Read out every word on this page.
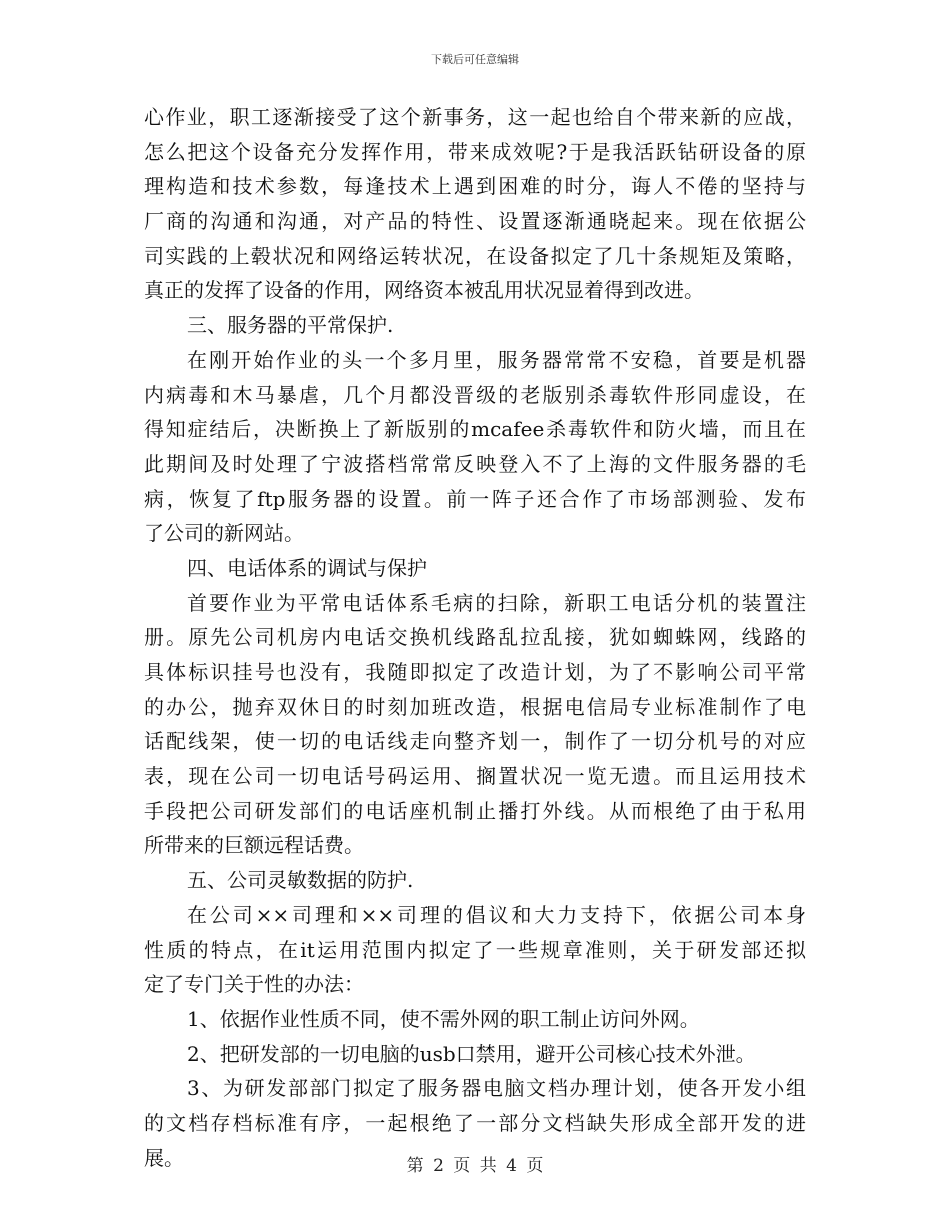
下载后可任意编辑
心作业，职工逐渐接受了这个新事务，这一起也给自个带来新的应战，
怎么把这个设备充分发挥作用，带来成效呢?于是我活跃钻研设备的原
理构造和技术参数，每逢技术上遇到困难的时分，诲人不倦的坚持与
厂商的沟通和沟通，对产品的特性、设置逐渐通晓起来。现在依据公
司实践的上毂状况和网络运转状况，在设备拟定了几十条规矩及策略，
真正的发挥了设备的作用，网络资本被乱用状况显着得到改进。
三、服务器的平常保护.
在刚开始作业的头一个多月里，服务器常常不安稳，首要是机器
内病毒和木马暴虐，几个月都没晋级的老版别杀毒软件形同虚设，在
得知症结后，决断换上了新版别的mcafee杀毒软件和防火墙，而且在
此期间及时处理了宁波搭档常常反映登入不了上海的文件服务器的毛
病，恢复了ftp服务器的设置。前一阵子还合作了市场部测验、发布
了公司的新网站。
四、电话体系的调试与保护
首要作业为平常电话体系毛病的扫除，新职工电话分机的装置注
册。原先公司机房内电话交换机线路乱拉乱接，犹如蜘蛛网，线路的
具体标识挂号也没有，我随即拟定了改造计划，为了不影响公司平常
的办公，抛弃双休日的时刻加班改造，根据电信局专业标准制作了电
话配线架，使一切的电话线走向整齐划一，制作了一切分机号的对应
表，现在公司一切电话号码运用、搁置状况一览无遗。而且运用技术
手段把公司研发部们的电话座机制止播打外线。从而根绝了由于私用
所带来的巨额远程话费。
五、公司灵敏数据的防护.
在公司××司理和××司理的倡议和大力支持下，依据公司本身
性质的特点，在it运用范围内拟定了一些规章准则，关于研发部还拟
定了专门关于性的办法：
1、依据作业性质不同，使不需外网的职工制止访问外网。
2、把研发部的一切电脑的usb口禁用，避开公司核心技术外泄。
3、为研发部部门拟定了服务器电脑文档办理计划，使各开发小组
的文档存档标准有序，一起根绝了一部分文档缺失形成全部开发的进
展。	第 2 页 共 4 页
